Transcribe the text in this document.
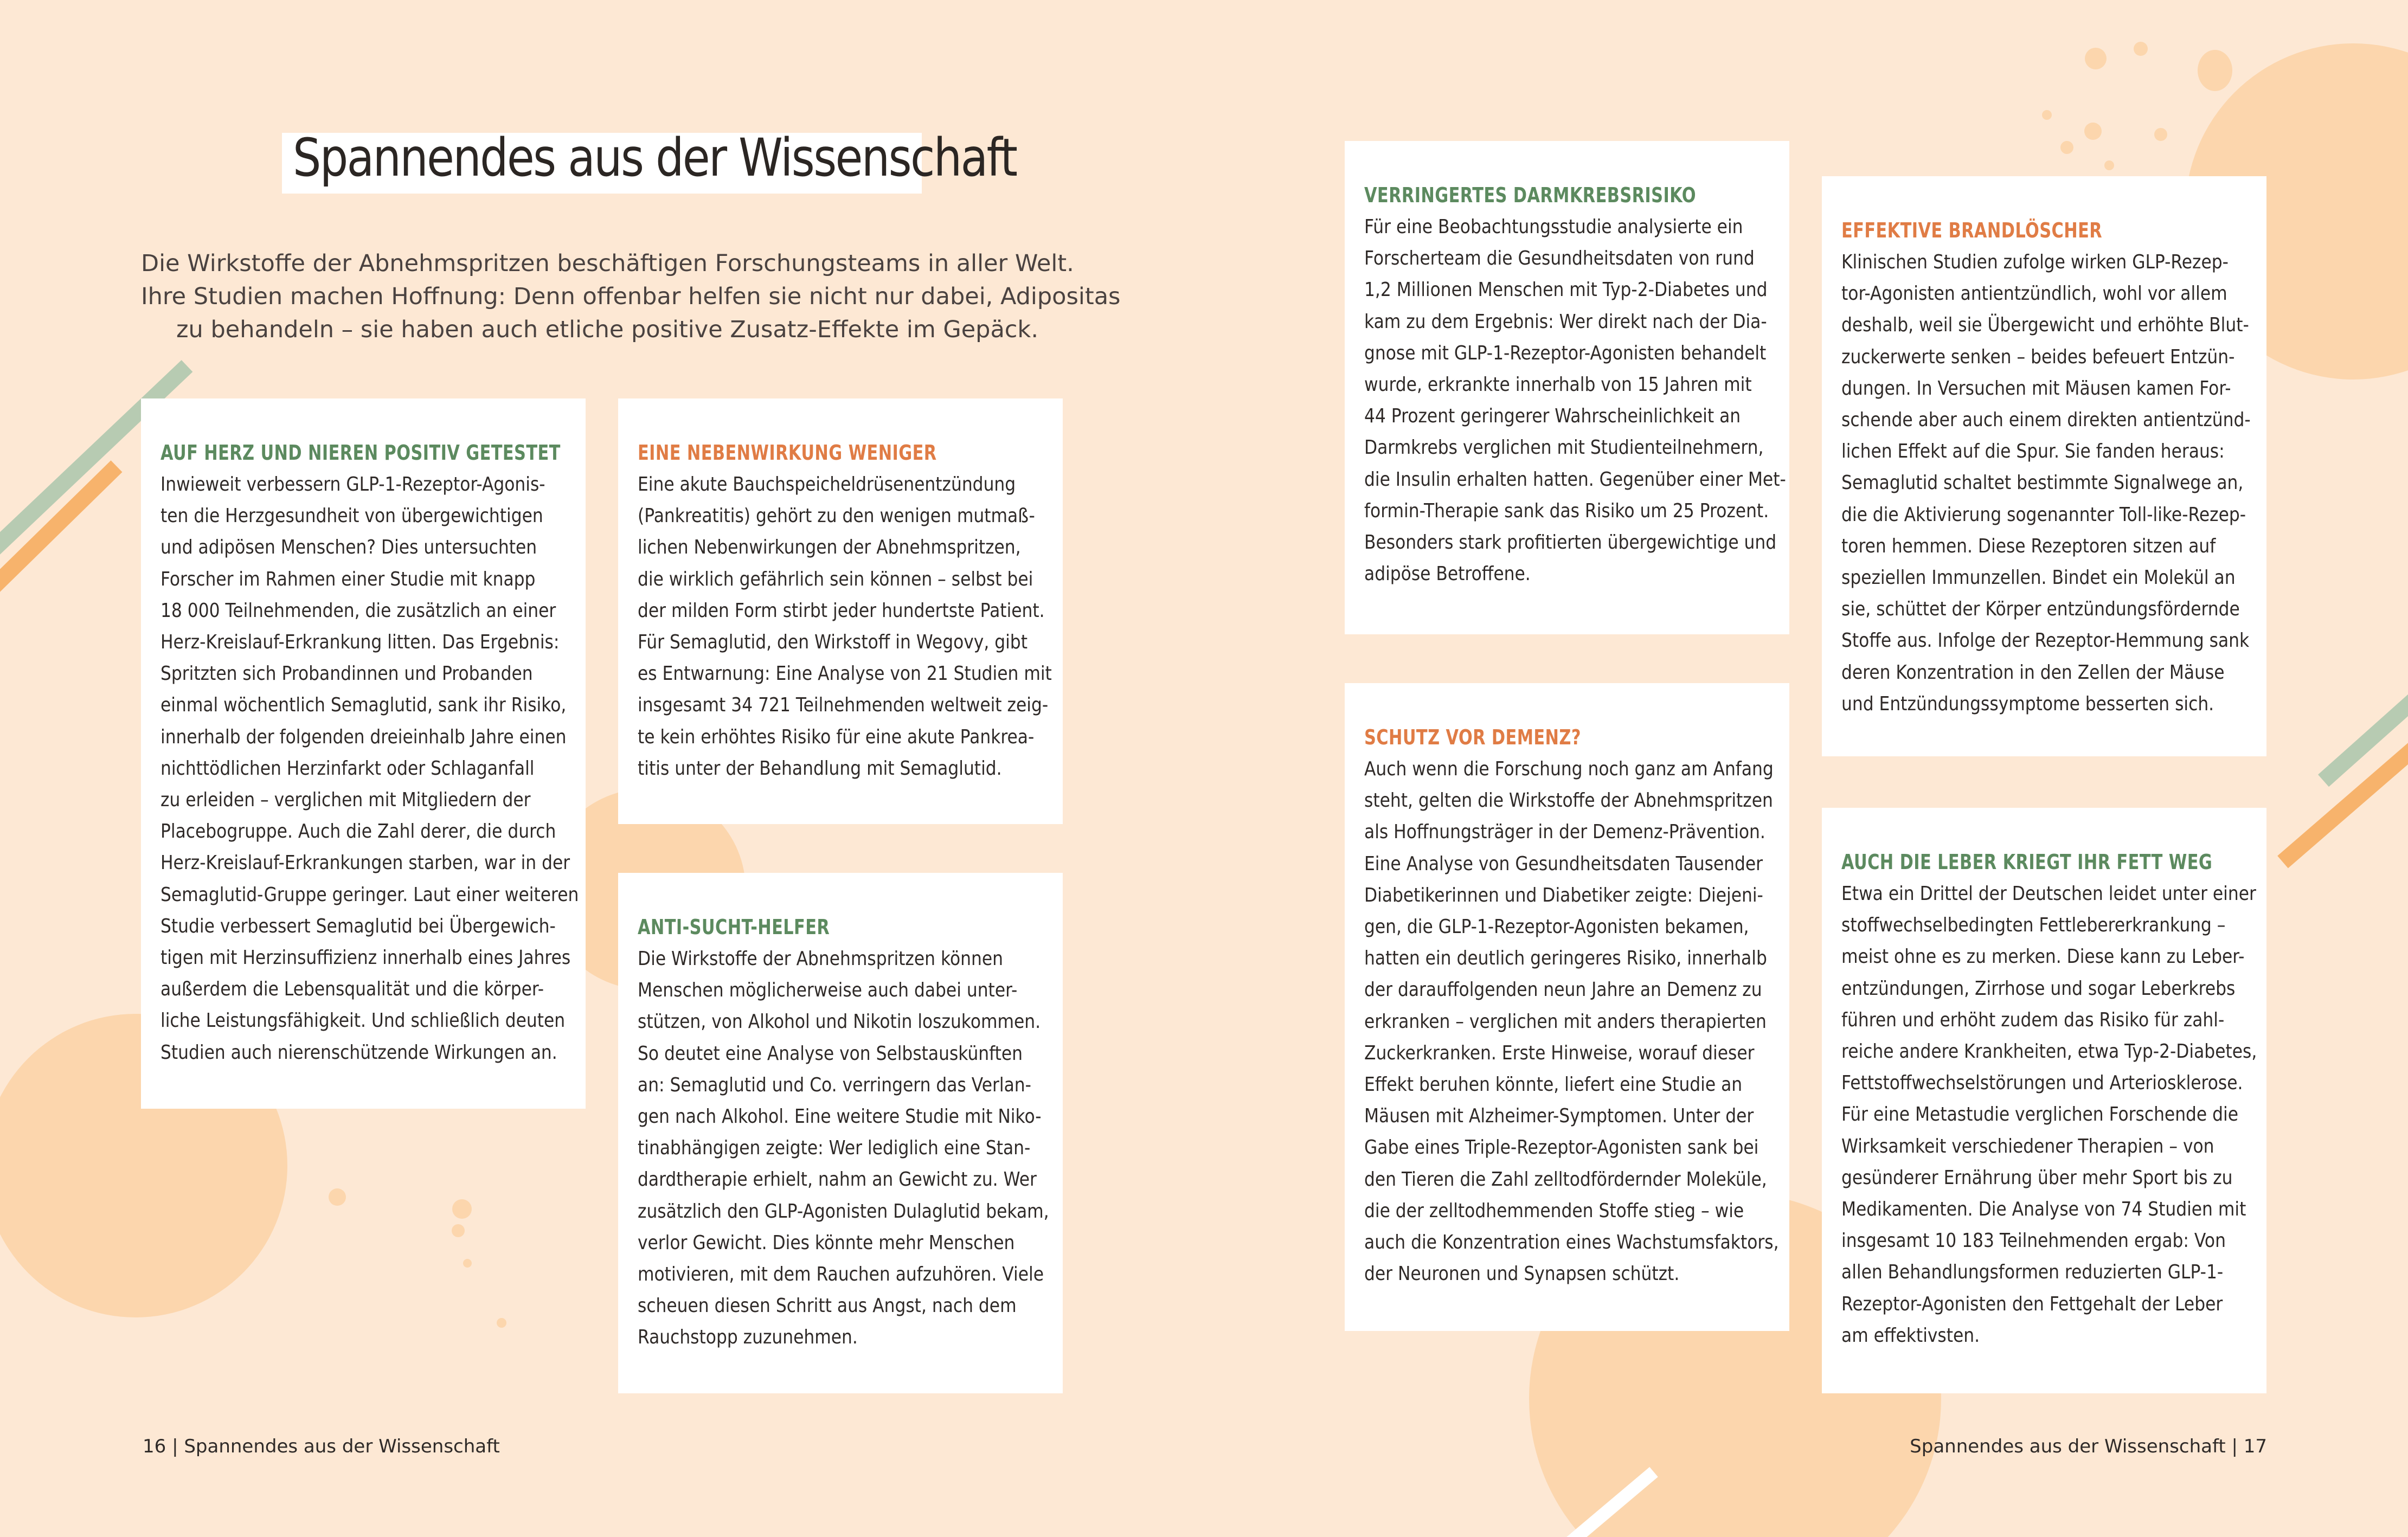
Spannendes aus der Wissenschaft
Die Wirkstoffe der Abnehmspritzen beschäftigen Forschungsteams in aller Welt.
Ihre Studien machen Hoffnung: Denn offenbar helfen sie nicht nur dabei, Adipositas
zu behandeln – sie haben auch etliche positive Zusatz-Effekte im Gepäck.
AUF HERZ UND NIEREN POSITIV GETESTET
Inwieweit verbessern GLP-1-Rezeptor-Agonis-
ten die Herzgesundheit von übergewichtigen
und adipösen Menschen? Dies untersuchten
Forscher im Rahmen einer Studie mit knapp
18 000 Teilnehmenden, die zusätzlich an einer
Herz-Kreislauf-Erkrankung litten. Das Ergebnis:
Spritzten sich Probandinnen und Probanden
einmal wöchentlich Semaglutid, sank ihr Risiko,
innerhalb der folgenden dreieinhalb Jahre einen
nichttödlichen Herzinfarkt oder Schlaganfall
zu erleiden – verglichen mit Mitgliedern der
Placebogruppe. Auch die Zahl derer, die durch
Herz-Kreislauf-Erkrankungen starben, war in der
Semaglutid-Gruppe geringer. Laut einer weiteren
Studie verbessert Semaglutid bei Übergewich-
tigen mit Herzinsuffizienz innerhalb eines Jahres
außerdem die Lebensqualität und die körper-
liche Leistungsfähigkeit. Und schließlich deuten
Studien auch nierenschützende Wirkungen an.
EINE NEBENWIRKUNG WENIGER
Eine akute Bauchspeicheldrüsenentzündung
(Pankreatitis) gehört zu den wenigen mutmaß-
lichen Nebenwirkungen der Abnehmspritzen,
die wirklich gefährlich sein können – selbst bei
der milden Form stirbt jeder hundertste Patient.
Für Semaglutid, den Wirkstoff in Wegovy, gibt
es Entwarnung: Eine Analyse von 21 Studien mit
insgesamt 34 721 Teilnehmenden weltweit zeig-
te kein erhöhtes Risiko für eine akute Pankrea-
titis unter der Behandlung mit Semaglutid.
ANTI-SUCHT-HELFER
Die Wirkstoffe der Abnehmspritzen können
Menschen möglicherweise auch dabei unter-
stützen, von Alkohol und Nikotin loszukommen.
So deutet eine Analyse von Selbstauskünften
an: Semaglutid und Co. verringern das Verlan-
gen nach Alkohol. Eine weitere Studie mit Niko-
tinabhängigen zeigte: Wer lediglich eine Stan-
dardtherapie erhielt, nahm an Gewicht zu. Wer
zusätzlich den GLP-Agonisten Dulaglutid bekam,
verlor Gewicht. Dies könnte mehr Menschen
motivieren, mit dem Rauchen aufzuhören. Viele
scheuen diesen Schritt aus Angst, nach dem
Rauchstopp zuzunehmen.
VERRINGERTES DARMKREBSRISIKO
Für eine Beobachtungsstudie analysierte ein
Forscherteam die Gesundheitsdaten von rund
1,2 Millionen Menschen mit Typ-2-Diabetes und
kam zu dem Ergebnis: Wer direkt nach der Dia-
gnose mit GLP-1-Rezeptor-Agonisten behandelt
wurde, erkrankte innerhalb von 15 Jahren mit
44 Prozent geringerer Wahrscheinlichkeit an
Darmkrebs verglichen mit Studienteilnehmern,
die Insulin erhalten hatten. Gegenüber einer Met-
formin-Therapie sank das Risiko um 25 Prozent.
Besonders stark profitierten übergewichtige und
adipöse Betroffene.
SCHUTZ VOR DEMENZ?
Auch wenn die Forschung noch ganz am Anfang
steht, gelten die Wirkstoffe der Abnehmspritzen
als Hoffnungsträger in der Demenz-Prävention.
Eine Analyse von Gesundheitsdaten Tausender
Diabetikerinnen und Diabetiker zeigte: Diejeni-
gen, die GLP-1-Rezeptor-Agonisten bekamen,
hatten ein deutlich geringeres Risiko, innerhalb
der darauffolgenden neun Jahre an Demenz zu
erkranken – verglichen mit anders therapierten
Zuckerkranken. Erste Hinweise, worauf dieser
Effekt beruhen könnte, liefert eine Studie an
Mäusen mit Alzheimer-Symptomen. Unter der
Gabe eines Triple-Rezeptor-Agonisten sank bei
den Tieren die Zahl zelltodfördernder Moleküle,
die der zelltodhemmenden Stoffe stieg – wie
auch die Konzentration eines Wachstumsfaktors,
der Neuronen und Synapsen schützt.
EFFEKTIVE BRANDLÖSCHER
Klinischen Studien zufolge wirken GLP-Rezep-
tor-Agonisten antientzündlich, wohl vor allem
deshalb, weil sie Übergewicht und erhöhte Blut-
zuckerwerte senken – beides befeuert Entzün-
dungen. In Versuchen mit Mäusen kamen For-
schende aber auch einem direkten antientzünd-
lichen Effekt auf die Spur. Sie fanden heraus:
Semaglutid schaltet bestimmte Signalwege an,
die die Aktivierung sogenannter Toll-like-Rezep-
toren hemmen. Diese Rezeptoren sitzen auf
speziellen Immunzellen. Bindet ein Molekül an
sie, schüttet der Körper entzündungsfördernde
Stoffe aus. Infolge der Rezeptor-Hemmung sank
deren Konzentration in den Zellen der Mäuse
und Entzündungssymptome besserten sich.
AUCH DIE LEBER KRIEGT IHR FETT WEG
Etwa ein Drittel der Deutschen leidet unter einer
stoffwechselbedingten Fettlebererkrankung –
meist ohne es zu merken. Diese kann zu Leber-
entzündungen, Zirrhose und sogar Leberkrebs
führen und erhöht zudem das Risiko für zahl-
reiche andere Krankheiten, etwa Typ-2-Diabetes,
Fettstoffwechselstörungen und Arteriosklerose.
Für eine Metastudie verglichen Forschende die
Wirksamkeit verschiedener Therapien – von
gesünderer Ernährung über mehr Sport bis zu
Medikamenten. Die Analyse von 74 Studien mit
insgesamt 10 183 Teilnehmenden ergab: Von
allen Behandlungsformen reduzierten GLP-1-
Rezeptor-Agonisten den Fettgehalt der Leber
am effektivsten.
16 | Spannendes aus der Wissenschaft	Spannendes aus der Wissenschaft | 17
